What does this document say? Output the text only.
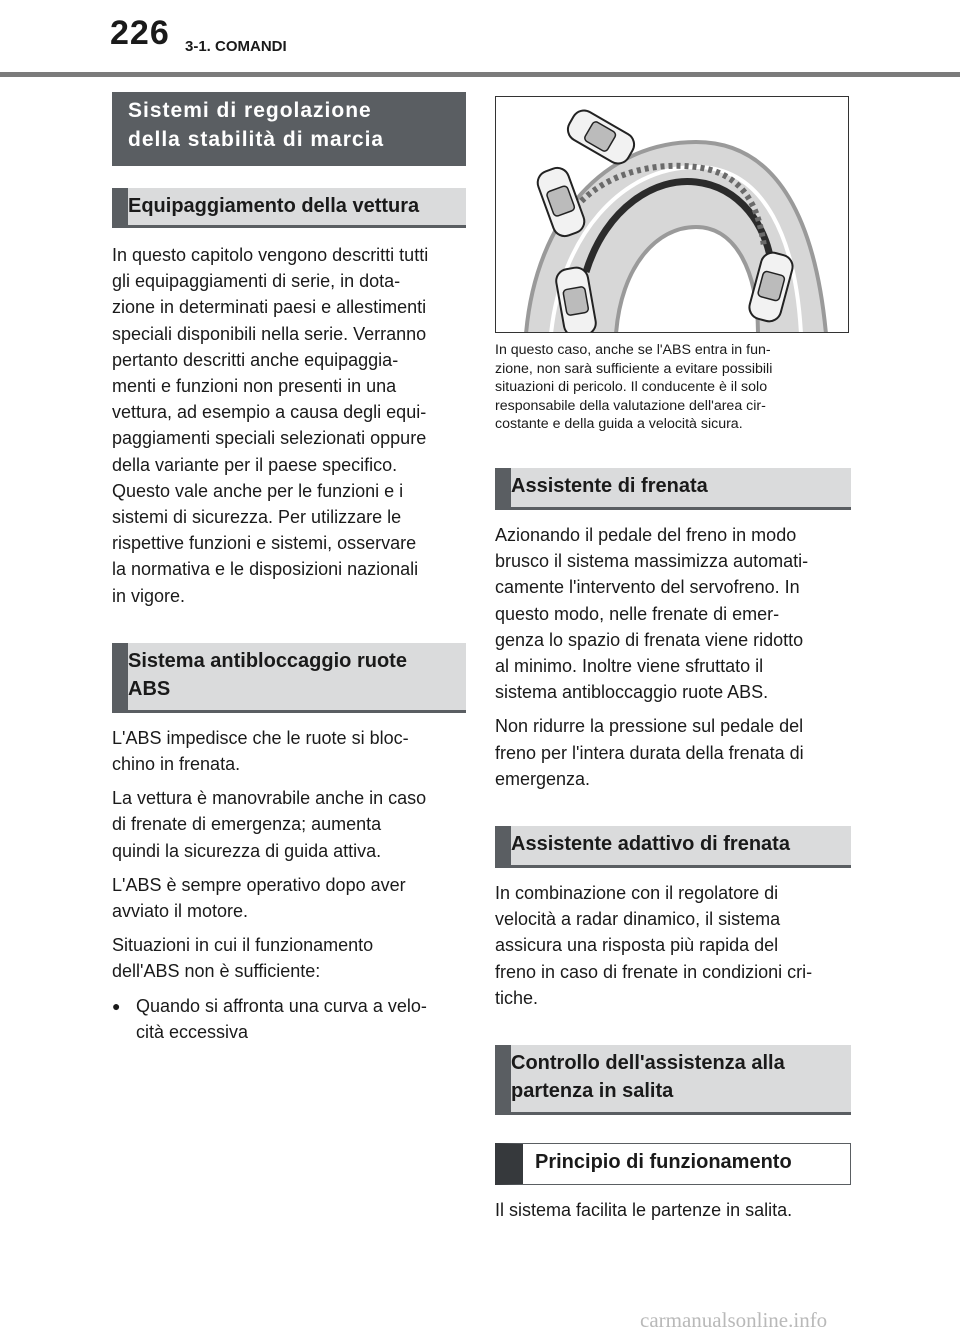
226 3-1. COMANDI
Sistemi di regolazione
della stabilità di marcia
Equipaggiamento della vettura

In questo capitolo vengono descritti tutti

gli equipaggiamenti di serie, in dota-

zione in determinati paesi e allestimenti

speciali disponibili nella serie. Verranno

pertanto descritti anche equipaggia-

menti e funzioni non presenti in una

vettura, ad esempio a causa degli equi-

paggiamenti speciali selezionati oppure

della variante per il paese specifico.

Questo vale anche per le funzioni e i

sistemi di sicurezza. Per utilizzare le

rispettive funzioni e sistemi, osservare

la normativa e le disposizioni nazionali

in vigore.

Sistema antibloccaggio ruote
ABS

L'ABS impedisce che le ruote si bloc-

chino in frenata.

La vettura è manovrabile anche in caso

di frenate di emergenza; aumenta

quindi la sicurezza di guida attiva.

L'ABS è sempre operativo dopo aver

avviato il motore.

Situazioni in cui il funzionamento

dell'ABS non è sufficiente:

● Quando si affronta una curva a velo-
cità eccessiva
In questo caso, anche se l'ABS entra in fun-
zione, non sarà sufficiente a evitare possibili
situazioni di pericolo. Il conducente è il solo
responsabile della valutazione dell'area cir-
costante e della guida a velocità sicura.
Assistente di frenata

Azionando il pedale del freno in modo

brusco il sistema massimizza automati-

camente l'intervento del servofreno. In

questo modo, nelle frenate di emer-

genza lo spazio di frenata viene ridotto

al minimo. Inoltre viene sfruttato il

sistema antibloccaggio ruote ABS.

Non ridurre la pressione sul pedale del

freno per l'intera durata della frenata di

emergenza.

Assistente adattivo di frenata

In combinazione con il regolatore di

velocità a radar dinamico, il sistema

assicura una risposta più rapida del

freno in caso di frenate in condizioni cri-

tiche.

Controllo dell'assistenza alla
partenza in salita
Principio di funzionamento

Il sistema facilita le partenze in salita.

carmanualsonline.info
